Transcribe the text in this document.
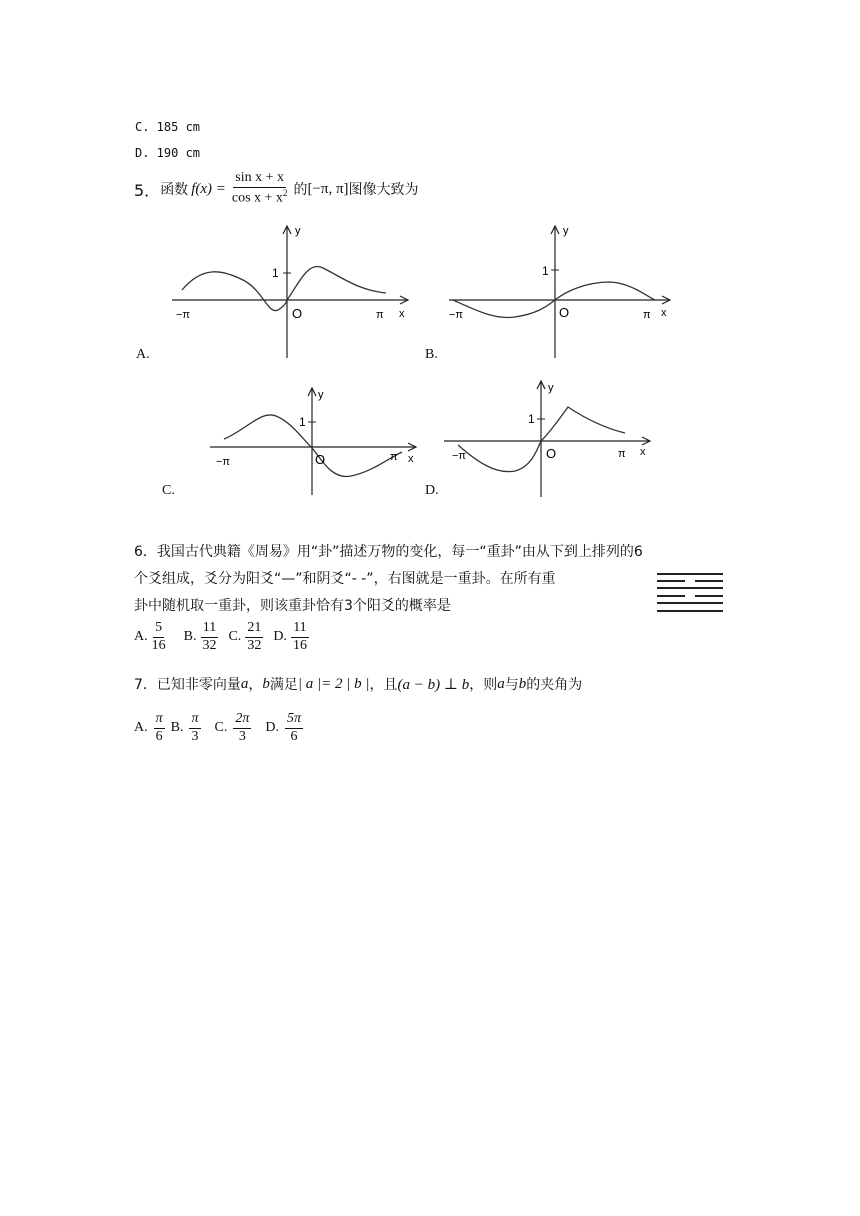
C. 185 cm
D. 190 cm
5． 函数 $f(x) = \frac{\text{sin x + x}}{\cos x + x^2}$ 的 [−π, π] 图像大致为
1
y
x
O
−π	π
A.
1
y
x
O
−π	π
B.
1
y
x
O
−π	π
C.
1
y
x
O
−π	π
D.
6．我国古代典籍《周易》用“卦”描述万物的变化，每一“重卦”由从下到上排列的6
个爻组成，爻分为阳爻“—”和阴爻“- -”，右图就是一重卦。在所有重
卦中随机取一重卦，则该重卦恰有3个阳爻的概率是
A. $\frac{5}{16} B$. $\frac{11}{32} C$. $\frac{21}{32} D$. $\frac{11}{16}$
7． 已知非零向量 a ， b 满足 | a |= 2 | b | ，且 (a − b) ⊥ b ，则 a 与 b 的夹角为
A. $\frac{\pi}{6} B$. $\frac{\pi}{3} C$. $\frac{2\pi}{3} D$. $\frac{5\pi}{6}$
